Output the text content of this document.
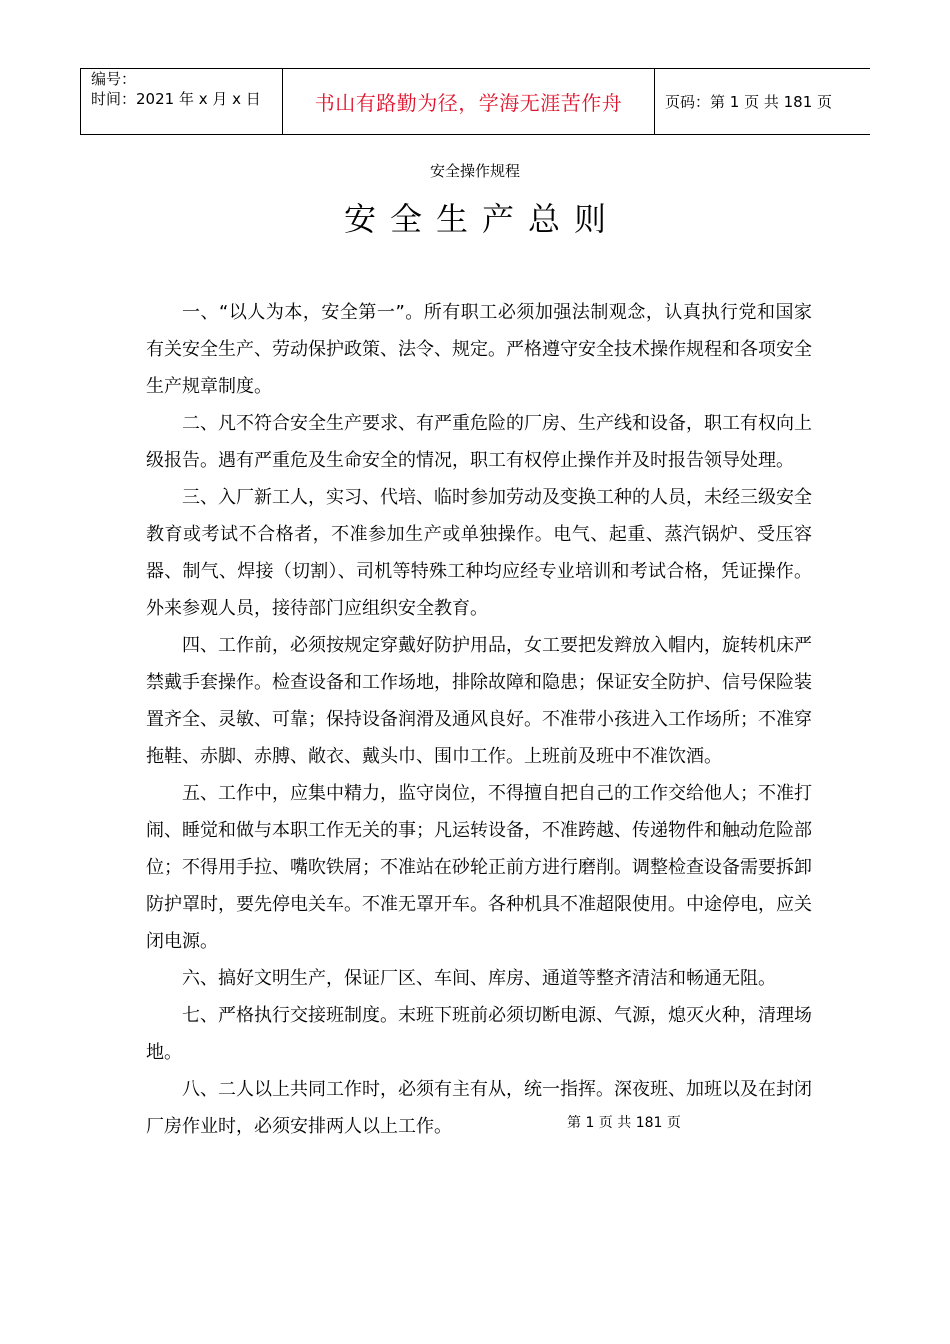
编号：
时间：2021 年 x 月 x 日	书山有路勤为径，学海无涯苦作舟	页码：第 1 页 共 181 页
安全操作规程
安全生产总则

一、“以人为本，安全第一”。所有职工必须加强法制观念，认真执行党和国家有关安全生产、劳动保护政策、法令、规定。严格遵守安全技术操作规程和各项安全生产规章制度。

二、凡不符合安全生产要求、有严重危险的厂房、生产线和设备，职工有权向上级报告。遇有严重危及生命安全的情况，职工有权停止操作并及时报告领导处理。

三、入厂新工人，实习、代培、临时参加劳动及变换工种的人员，未经三级安全教育或考试不合格者，不准参加生产或单独操作。电气、起重、蒸汽锅炉、受压容器、制气、焊接（切割）、司机等特殊工种均应经专业培训和考试合格，凭证操作。外来参观人员，接待部门应组织安全教育。

四、工作前，必须按规定穿戴好防护用品，女工要把发辫放入帽内，旋转机床严禁戴手套操作。检查设备和工作场地，排除故障和隐患；保证安全防护、信号保险装置齐全、灵敏、可靠；保持设备润滑及通风良好。不准带小孩进入工作场所；不准穿拖鞋、赤脚、赤膊、敞衣、戴头巾、围巾工作。上班前及班中不准饮酒。

五、工作中，应集中精力，监守岗位，不得擅自把自己的工作交给他人；不准打闹、睡觉和做与本职工作无关的事；凡运转设备，不准跨越、传递物件和触动危险部位；不得用手拉、嘴吹铁屑；不准站在砂轮正前方进行磨削。调整检查设备需要拆卸防护罩时，要先停电关车。不准无罩开车。各种机具不准超限使用。中途停电，应关闭电源。

六、搞好文明生产，保证厂区、车间、库房、通道等整齐清洁和畅通无阻。

七、严格执行交接班制度。末班下班前必须切断电源、气源，熄灭火种，清理场地。

八、二人以上共同工作时，必须有主有从，统一指挥。深夜班、加班以及在封闭厂房作业时，必须安排两人以上工作。	第 1 页 共 181 页
